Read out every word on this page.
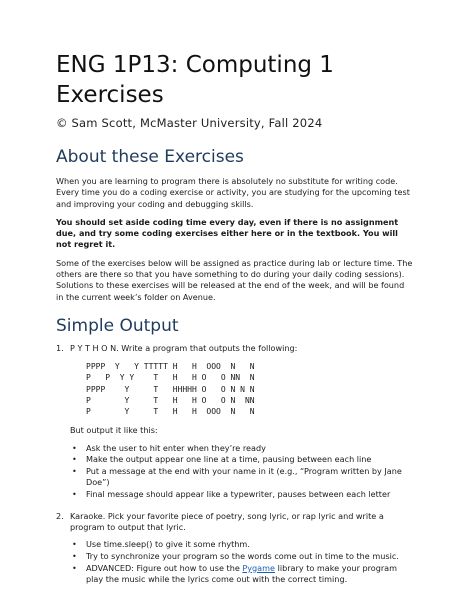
ENG 1P13: Computing 1 Exercises
© Sam Scott, McMaster University, Fall 2024
About these Exercises

When you are learning to program there is absolutely no substitute for writing code. Every time you do a coding exercise or activity, you are studying for the upcoming test and improving your coding and debugging skills.

You should set aside coding time every day, even if there is no assignment due, and try some coding exercises either here or in the textbook. You will not regret it.

Some of the exercises below will be assigned as practice during lab or lecture time. The others are there so that you have something to do during your daily coding sessions). Solutions to these exercises will be released at the end of the week, and will be found in the current week’s folder on Avenue.

Simple Output
1. P Y T H O N. Write a program that outputs the following:
PPPP  Y   Y TTTTT H   H  OOO  N   N
P   P  Y Y    T   H   H O   O NN  N
PPPP    Y     T   HHHHH O   O N N N
P       Y     T   H   H O   O N  NN
P       Y     T   H   H  OOO  N   N
But output it like this:
• Ask the user to hit enter when they’re ready
• Make the output appear one line at a time, pausing between each line
• Put a message at the end with your name in it (e.g., “Program written by Jane Doe”)
• Final message should appear like a typewriter, pauses between each letter
2. Karaoke. Pick your favorite piece of poetry, song lyric, or rap lyric and write a program to output that lyric.
• Use time.sleep() to give it some rhythm.
• Try to synchronize your program so the words come out in time to the music.
• ADVANCED: Figure out how to use the Pygame library to make your program play the music while the lyrics come out with the correct timing.
